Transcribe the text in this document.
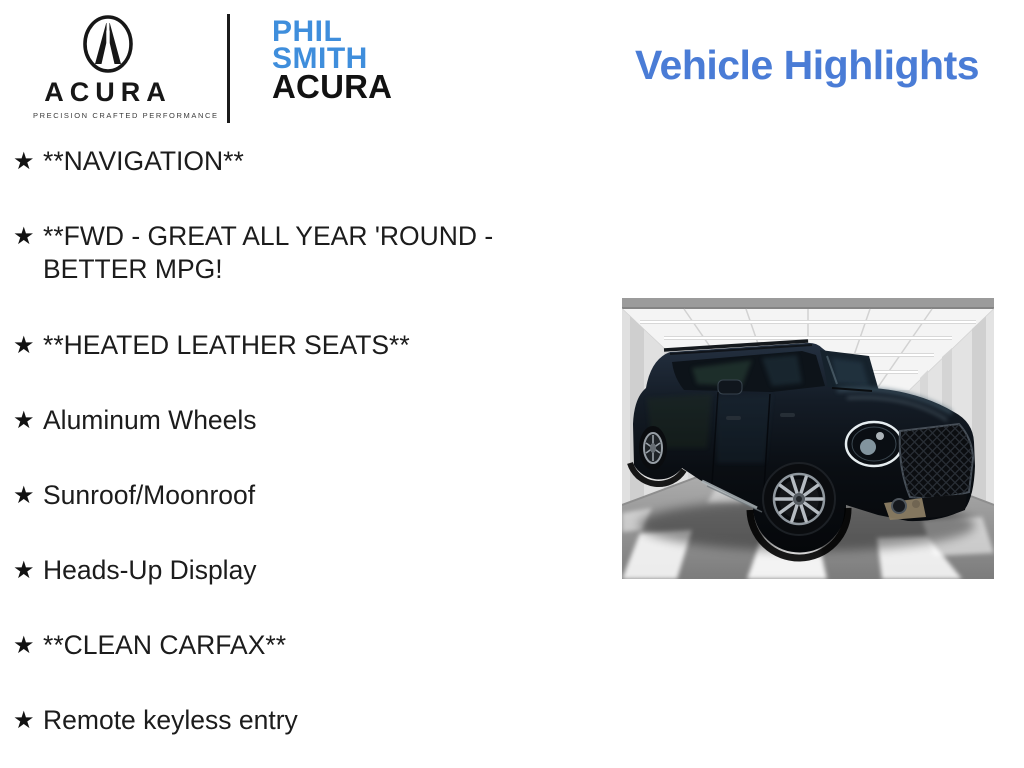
ACURA
PRECISION CRAFTED PERFORMANCE
PHIL
SMITH
ACURA	Vehicle Highlights
★ **NAVIGATION**
★ **FWD - GREAT ALL YEAR 'ROUND - BETTER MPG!
★ **HEATED LEATHER SEATS**
★ Aluminum Wheels
★ Sunroof/Moonroof
★ Heads-Up Display
★ **CLEAN CARFAX**
★ Remote keyless entry
